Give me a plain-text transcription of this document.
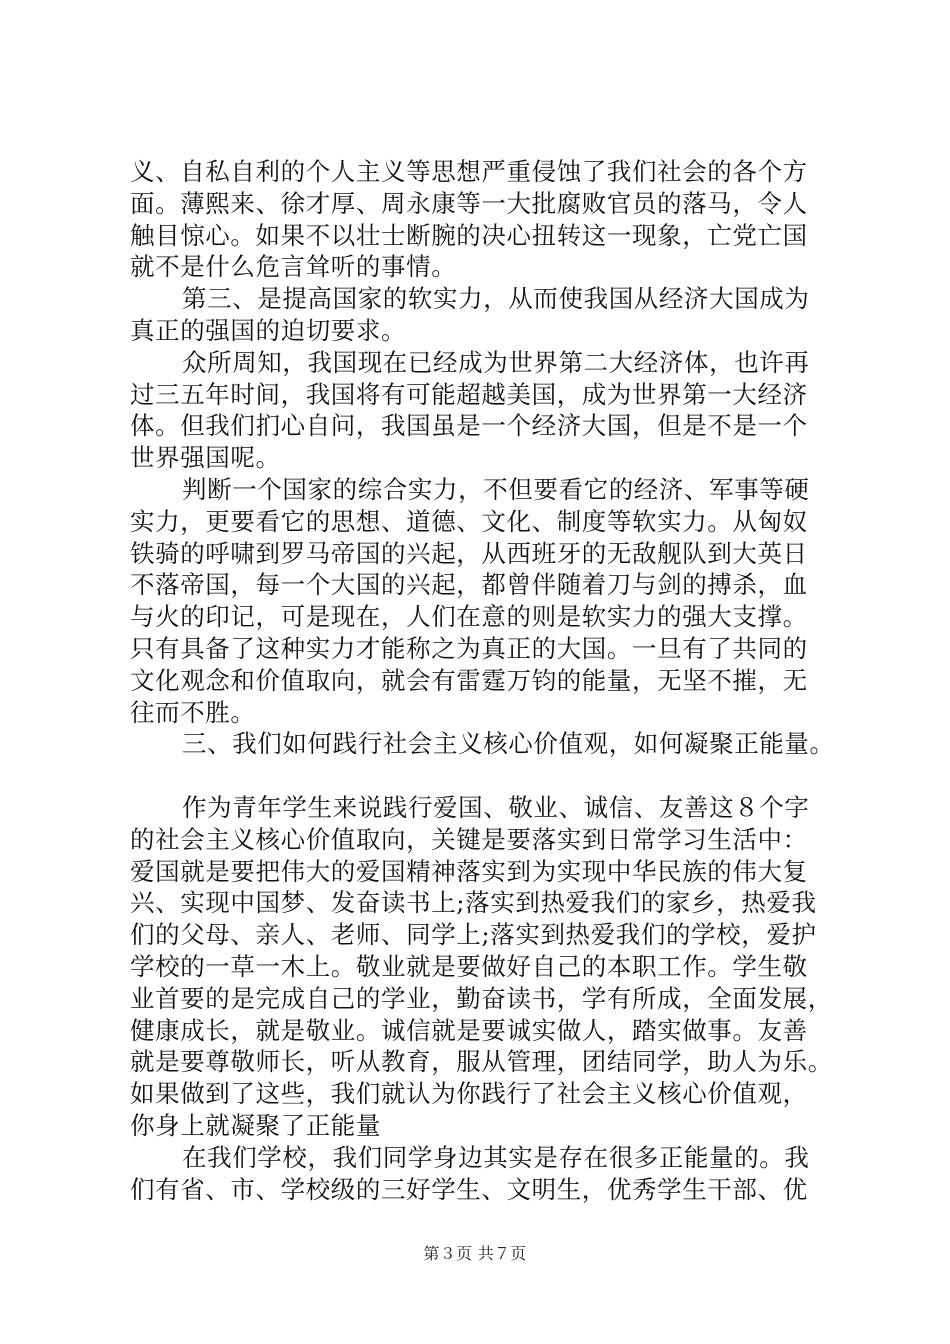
义、自私自利的个人主义等思想严重侵蚀了我们社会的各个方
面。薄熙来、徐才厚、周永康等一大批腐败官员的落马，令人
触目惊心。如果不以壮士断腕的决心扭转这一现象，亡党亡国
就不是什么危言耸听的事情。
第三、是提高国家的软实力，从而使我国从经济大国成为
真正的强国的迫切要求。
众所周知，我国现在已经成为世界第二大经济体，也许再
过三五年时间，我国将有可能超越美国，成为世界第一大经济
体。但我们扪心自问，我国虽是一个经济大国，但是不是一个
世界强国呢。
判断一个国家的综合实力，不但要看它的经济、军事等硬
实力，更要看它的思想、道德、文化、制度等软实力。从匈奴
铁骑的呼啸到罗马帝国的兴起，从西班牙的无敌舰队到大英日
不落帝国，每一个大国的兴起，都曾伴随着刀与剑的搏杀，血
与火的印记，可是现在，人们在意的则是软实力的强大支撑。
只有具备了这种实力才能称之为真正的大国。一旦有了共同的
文化观念和价值取向，就会有雷霆万钧的能量，无坚不摧，无
往而不胜。
三、我们如何践行社会主义核心价值观，如何凝聚正能量。
作为青年学生来说践行爱国、敬业、诚信、友善这８个字
的社会主义核心价值取向，关键是要落实到日常学习生活中：
爱国就是要把伟大的爱国精神落实到为实现中华民族的伟大复
兴、实现中国梦、发奋读书上;落实到热爱我们的家乡，热爱我
们的父母、亲人、老师、同学上;落实到热爱我们的学校，爱护
学校的一草一木上。敬业就是要做好自己的本职工作。学生敬
业首要的是完成自己的学业，勤奋读书，学有所成，全面发展，
健康成长，就是敬业。诚信就是要诚实做人，踏实做事。友善
就是要尊敬师长，听从教育，服从管理，团结同学，助人为乐。
如果做到了这些，我们就认为你践行了社会主义核心价值观，
你身上就凝聚了正能量
在我们学校，我们同学身边其实是存在很多正能量的。我
们有省、市、学校级的三好学生、文明生，优秀学生干部、优
第３页 共７页
